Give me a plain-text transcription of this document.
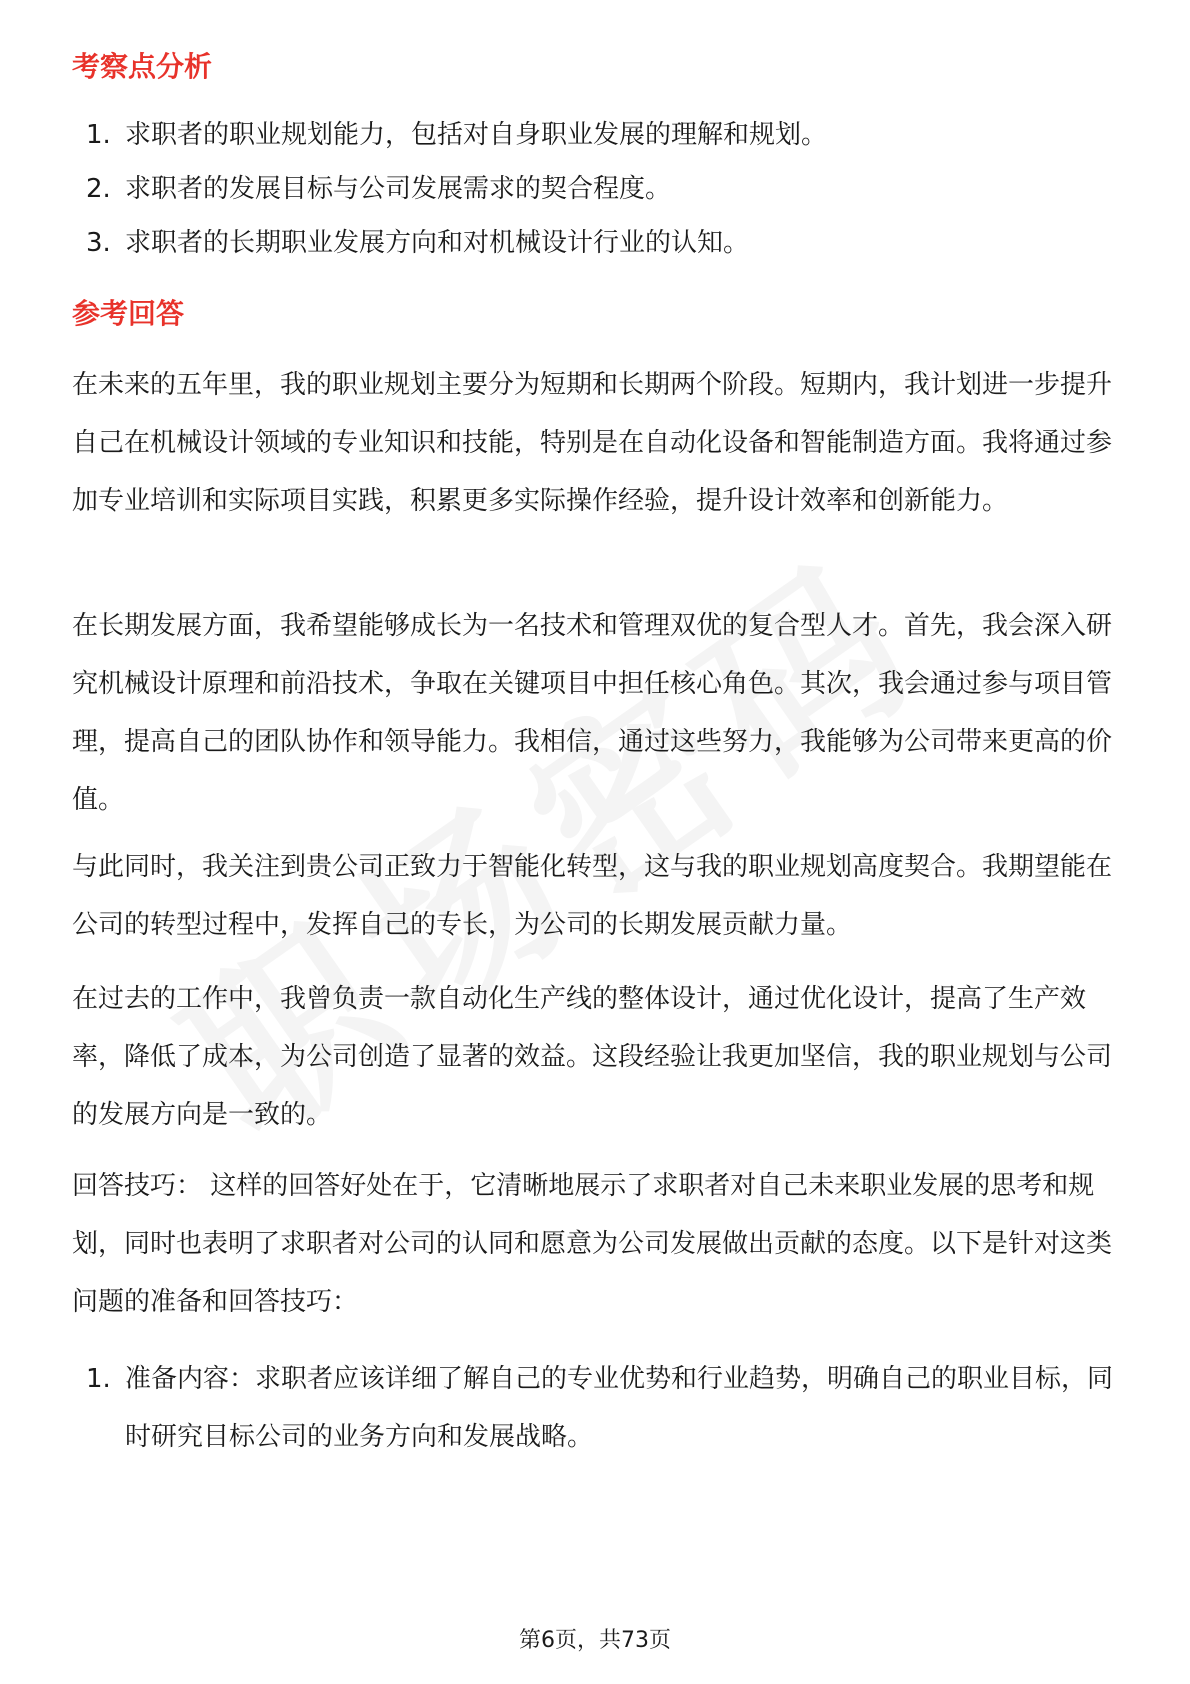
考察点分析
1. 求职者的职业规划能力，包括对自身职业发展的理解和规划。
2. 求职者的发展目标与公司发展需求的契合程度。
3. 求职者的长期职业发展方向和对机械设计行业的认知。
参考回答
在未来的五年里，我的职业规划主要分为短期和长期两个阶段。短期内，我计划进一步提升自己在机械设计领域的专业知识和技能，特别是在自动化设备和智能制造方面。我将通过参加专业培训和实际项目实践，积累更多实际操作经验，提升设计效率和创新能力。
在长期发展方面，我希望能够成长为一名技术和管理双优的复合型人才。首先，我会深入研究机械设计原理和前沿技术，争取在关键项目中担任核心角色。其次，我会通过参与项目管理，提高自己的团队协作和领导能力。我相信，通过这些努力，我能够为公司带来更高的价值。
与此同时，我关注到贵公司正致力于智能化转型，这与我的职业规划高度契合。我期望能在公司的转型过程中，发挥自己的专长，为公司的长期发展贡献力量。
在过去的工作中，我曾负责一款自动化生产线的整体设计，通过优化设计，提高了生产效率，降低了成本，为公司创造了显著的效益。这段经验让我更加坚信，我的职业规划与公司的发展方向是一致的。
回答技巧： 这样的回答好处在于，它清晰地展示了求职者对自己未来职业发展的思考和规划，同时也表明了求职者对公司的认同和愿意为公司发展做出贡献的态度。以下是针对这类问题的准备和回答技巧：
1. 准备内容：求职者应该详细了解自己的专业优势和行业趋势，明确自己的职业目标，同时研究目标公司的业务方向和发展战略。
第6页，共73页
